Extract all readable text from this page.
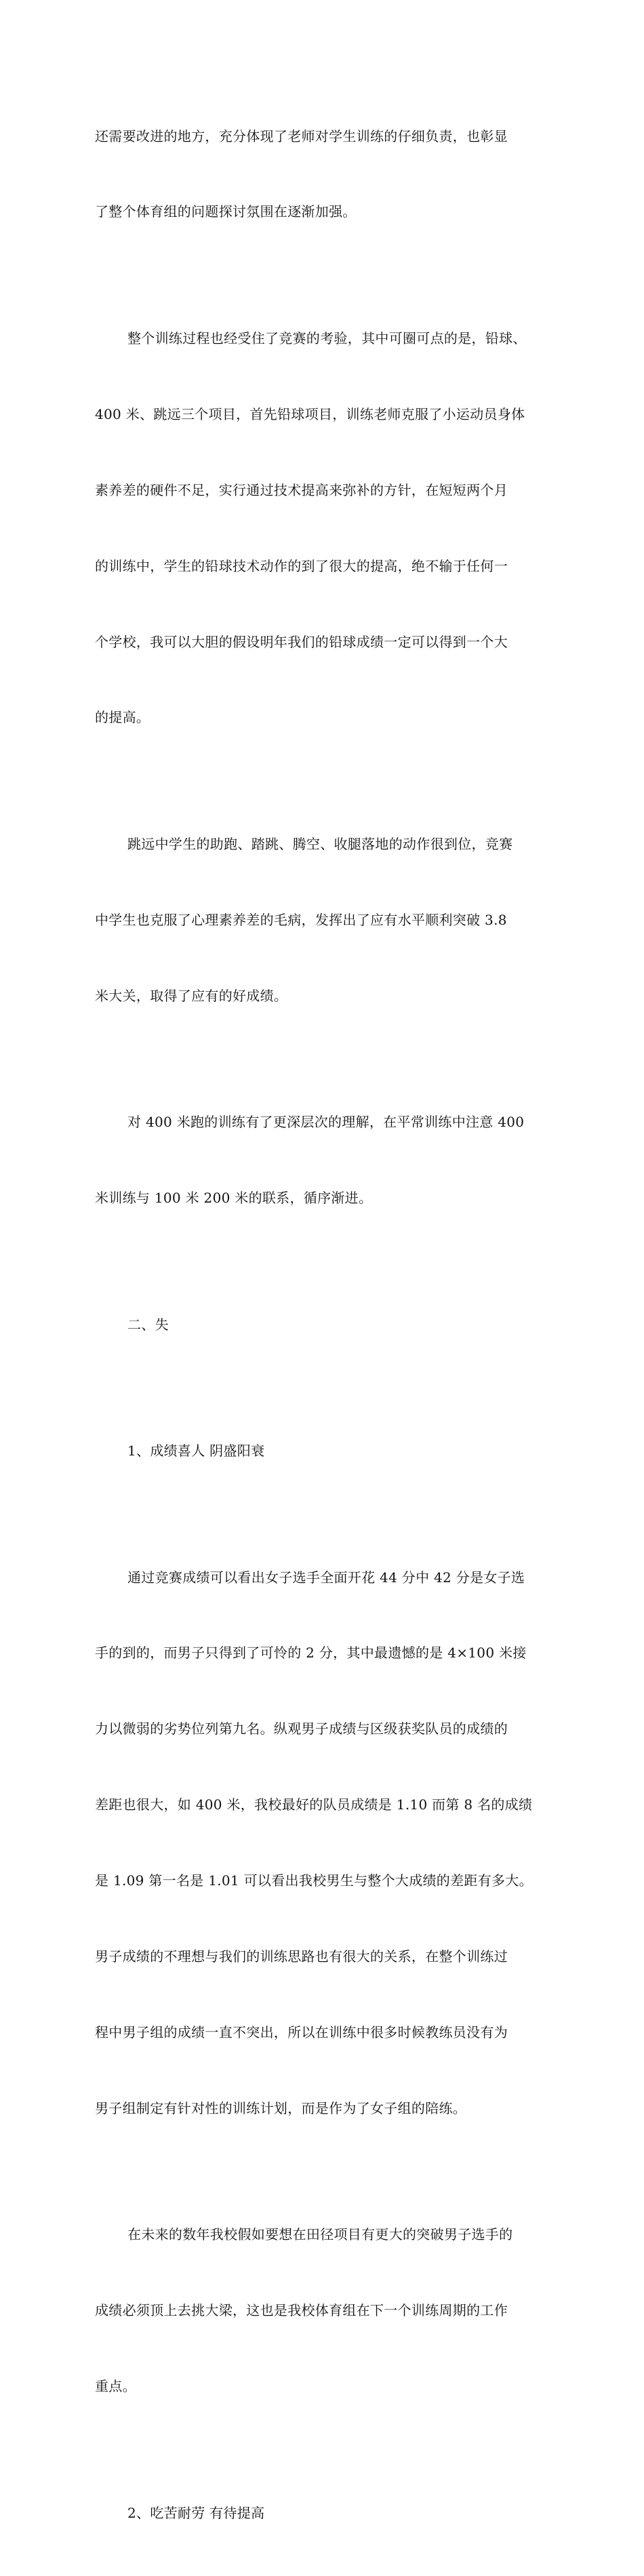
还需要改进的地方，充分体现了老师对学生训练的仔细负责，也彰显

了整个体育组的问题探讨氛围在逐渐加强。

整个训练过程也经受住了竞赛的考验，其中可圈可点的是，铅球、

400 米、跳远三个项目，首先铅球项目，训练老师克服了小运动员身体

素养差的硬件不足，实行通过技术提高来弥补的方针，在短短两个月

的训练中，学生的铅球技术动作的到了很大的提高，绝不输于任何一

个学校，我可以大胆的假设明年我们的铅球成绩一定可以得到一个大

的提高。

跳远中学生的助跑、踏跳、腾空、收腿落地的动作很到位，竞赛

中学生也克服了心理素养差的毛病，发挥出了应有水平顺利突破 3.8

米大关，取得了应有的好成绩。

对 400 米跑的训练有了更深层次的理解，在平常训练中注意 400

米训练与 100 米 200 米的联系，循序渐进。

二、失

1、成绩喜人 阴盛阳衰

通过竞赛成绩可以看出女子选手全面开花 44 分中 42 分是女子选

手的到的，而男子只得到了可怜的 2 分，其中最遗憾的是 4×100 米接

力以微弱的劣势位列第九名。纵观男子成绩与区级获奖队员的成绩的

差距也很大，如 400 米，我校最好的队员成绩是 1.10 而第 8 名的成绩

是 1.09 第一名是 1.01 可以看出我校男生与整个大成绩的差距有多大。

男子成绩的不理想与我们的训练思路也有很大的关系，在整个训练过

程中男子组的成绩一直不突出，所以在训练中很多时候教练员没有为

男子组制定有针对性的训练计划，而是作为了女子组的陪练。

在未来的数年我校假如要想在田径项目有更大的突破男子选手的

成绩必须顶上去挑大梁，这也是我校体育组在下一个训练周期的工作

重点。

2、吃苦耐劳 有待提高
